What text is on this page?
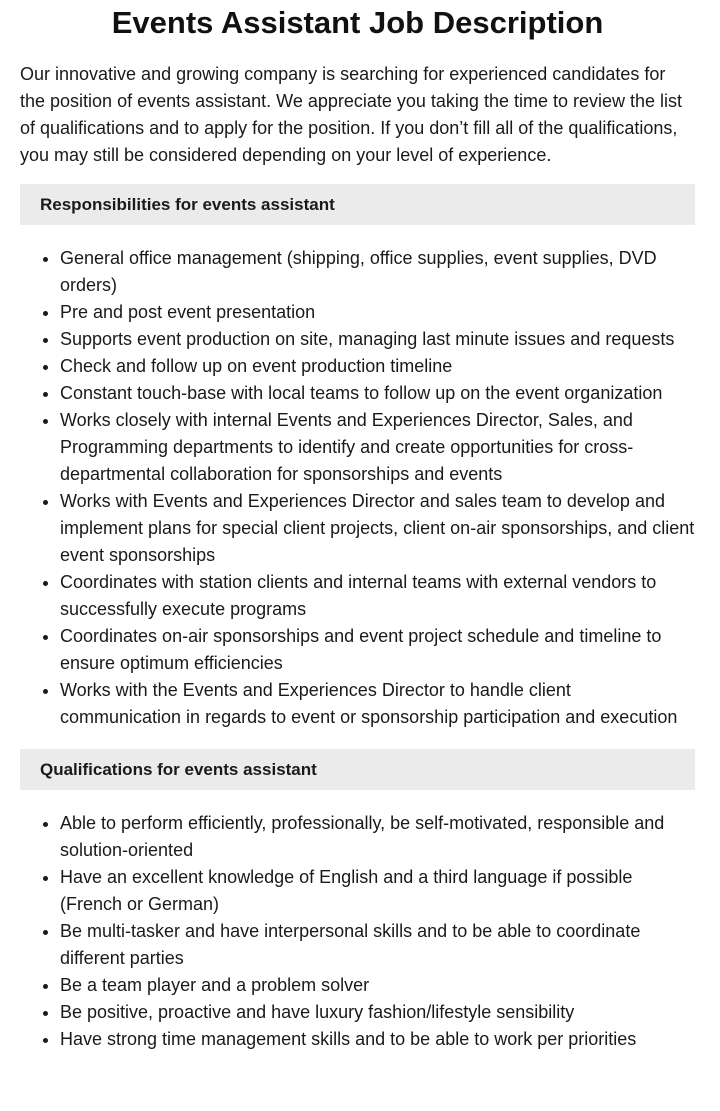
Events Assistant Job Description

Our innovative and growing company is searching for experienced candidates for the position of events assistant. We appreciate you taking the time to review the list of qualifications and to apply for the position. If you don’t fill all of the qualifications, you may still be considered depending on your level of experience.

Responsibilities for events assistant
• General office management (shipping, office supplies, event supplies, DVD orders)
• Pre and post event presentation
• Supports event production on site, managing last minute issues and requests
• Check and follow up on event production timeline
• Constant touch-base with local teams to follow up on the event organization
• Works closely with internal Events and Experiences Director, Sales, and Programming departments to identify and create opportunities for cross-departmental collaboration for sponsorships and events
• Works with Events and Experiences Director and sales team to develop and implement plans for special client projects, client on-air sponsorships, and client event sponsorships
• Coordinates with station clients and internal teams with external vendors to successfully execute programs
• Coordinates on-air sponsorships and event project schedule and timeline to ensure optimum efficiencies
• Works with the Events and Experiences Director to handle client communication in regards to event or sponsorship participation and execution
Qualifications for events assistant
• Able to perform efficiently, professionally, be self-motivated, responsible and solution-oriented
• Have an excellent knowledge of English and a third language if possible (French or German)
• Be multi-tasker and have interpersonal skills and to be able to coordinate different parties
• Be a team player and a problem solver
• Be positive, proactive and have luxury fashion/lifestyle sensibility
• Have strong time management skills and to be able to work per priorities
